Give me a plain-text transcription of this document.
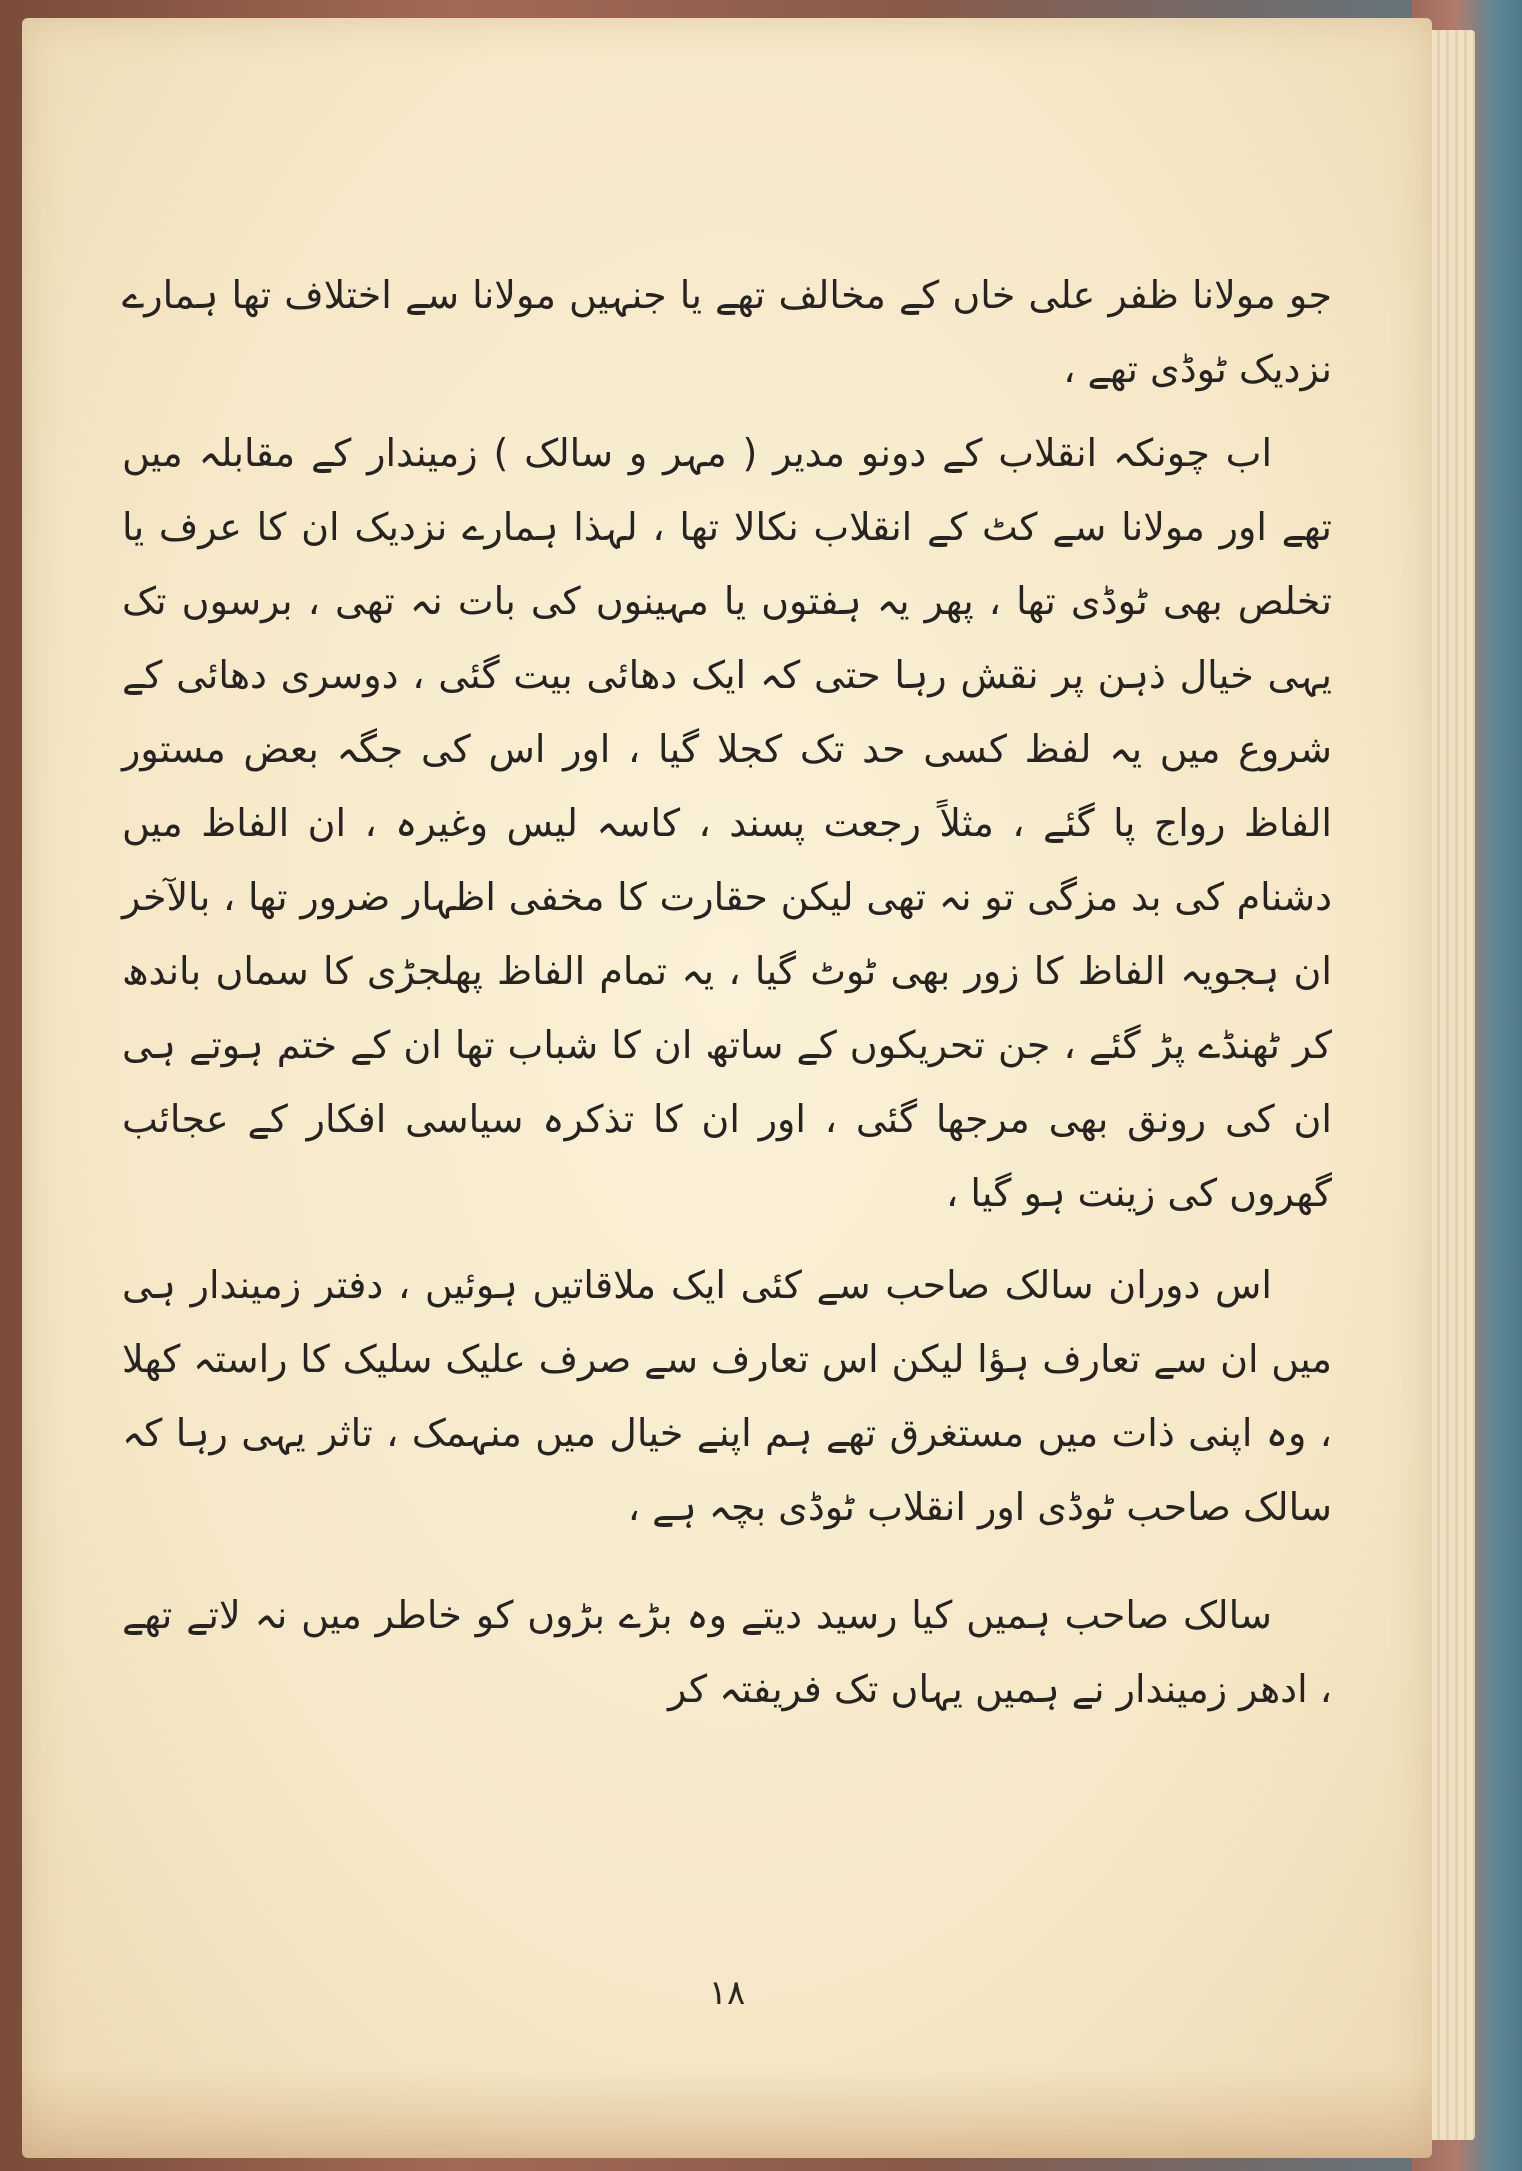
جو مولانا ظفر علی خاں کے مخالف تھے یا جنہیں مولانا سے اختلاف تھا ہمارے نزدیک ٹوڈی تھے ،

اب چونکہ انقلاب کے دونو مدیر ( مہر و سالک ) زمیندار کے مقابلہ میں تھے اور مولانا سے کٹ کے انقلاب نکالا تھا ، لہذا ہمارے نزدیک ان کا عرف یا تخلص بھی ٹوڈی تھا ، پھر یہ ہفتوں یا مہینوں کی بات نہ تھی ، برسوں تک یہی خیال ذہن پر نقش رہا حتی کہ ایک دھائی بیت گئی ، دوسری دھائی کے شروع میں یہ لفظ کسی حد تک کجلا گیا ، اور اس کی جگہ بعض مستور الفاظ رواج پا گئے ، مثلاً رجعت پسند ، کاسہ لیس وغیرہ ، ان الفاظ میں دشنام کی بد مزگی تو نہ تھی لیکن حقارت کا مخفی اظہار ضرور تھا ، بالآخر ان ہجویہ الفاظ کا زور بھی ٹوٹ گیا ، یہ تمام الفاظ پھلجڑی کا سماں باندھ کر ٹھنڈے پڑ گئے ، جن تحریکوں کے ساتھ ان کا شباب تھا ان کے ختم ہوتے ہی ان کی رونق بھی مرجھا گئی ، اور ان کا تذکرہ سیاسی افکار کے عجائب گھروں کی زینت ہو گیا ،

اس دوران سالک صاحب سے کئی ایک ملاقاتیں ہوئیں ، دفتر زمیندار ہی میں ان سے تعارف ہؤا لیکن اس تعارف سے صرف علیک سلیک کا راستہ کھلا ، وہ اپنی ذات میں مستغرق تھے ہم اپنے خیال میں منہمک ، تاثر یہی رہا کہ سالک صاحب ٹوڈی اور انقلاب ٹوڈی بچہ ہے ،

سالک صاحب ہمیں کیا رسید دیتے وہ بڑے بڑوں کو خاطر میں نہ لاتے تھے ، ادھر زمیندار نے ہمیں یہاں تک فریفتہ کر

١٨
